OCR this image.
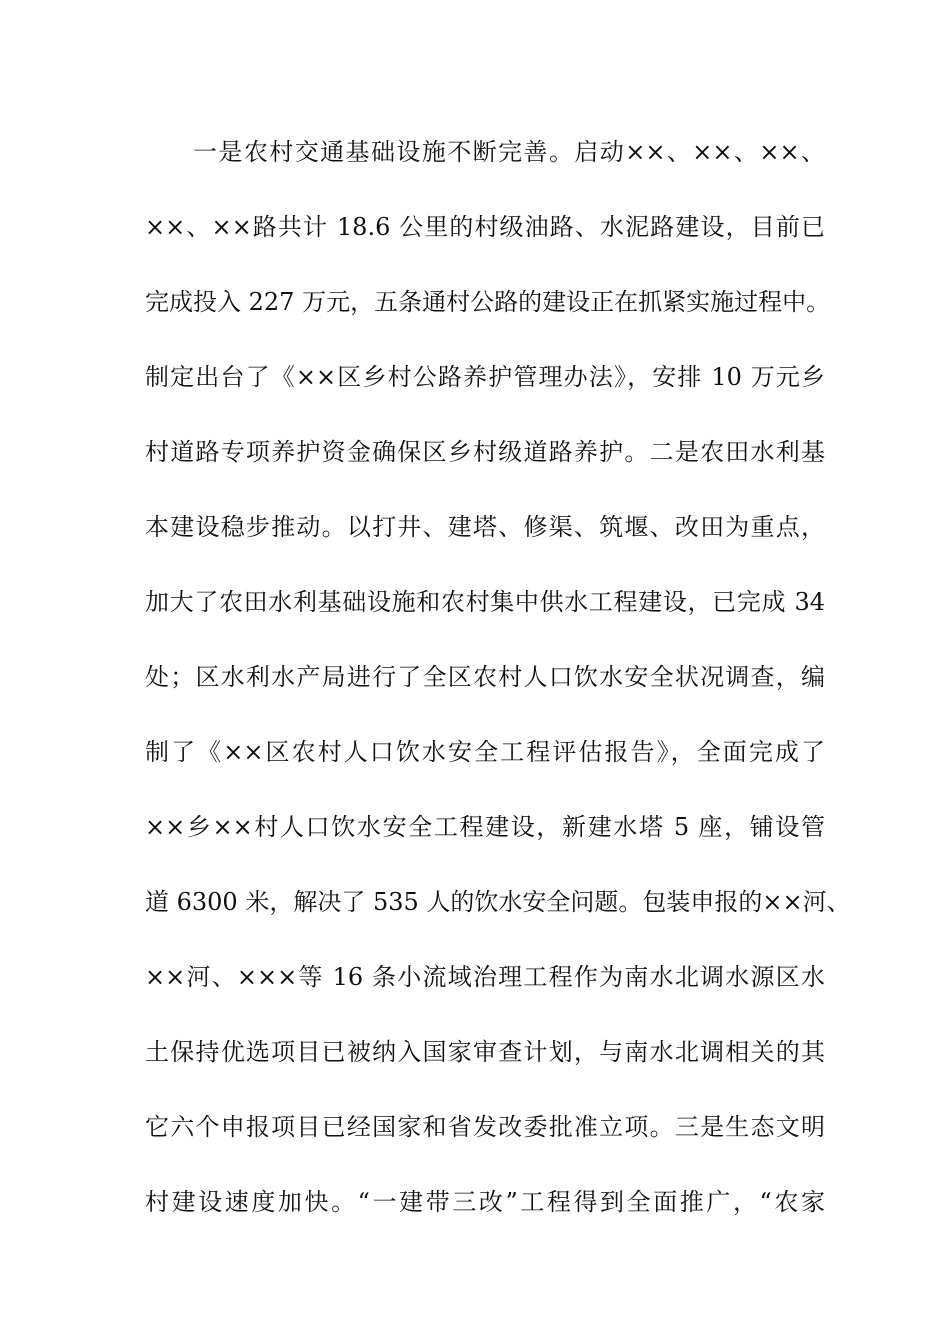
一是农村交通基础设施不断完善。启动××、××、××、
××、××路共计 18.6 公里的村级油路、水泥路建设，目前已
完成投入 227 万元，五条通村公路的建设正在抓紧实施过程中。
制定出台了《××区乡村公路养护管理办法》，安排 10 万元乡
村道路专项养护资金确保区乡村级道路养护。二是农田水利基
本建设稳步推动。以打井、建塔、修渠、筑堰、改田为重点，
加大了农田水利基础设施和农村集中供水工程建设，已完成 34
处；区水利水产局进行了全区农村人口饮水安全状况调查，编
制了《××区农村人口饮水安全工程评估报告》，全面完成了
××乡××村人口饮水安全工程建设，新建水塔 5 座，铺设管
道 6300 米，解决了 535 人的饮水安全问题。包装申报的××河、
××河、×××等 16 条小流域治理工程作为南水北调水源区水
土保持优选项目已被纳入国家审查计划，与南水北调相关的其
它六个申报项目已经国家和省发改委批准立项。三是生态文明
村建设速度加快。“一建带三改”工程得到全面推广，“农家
